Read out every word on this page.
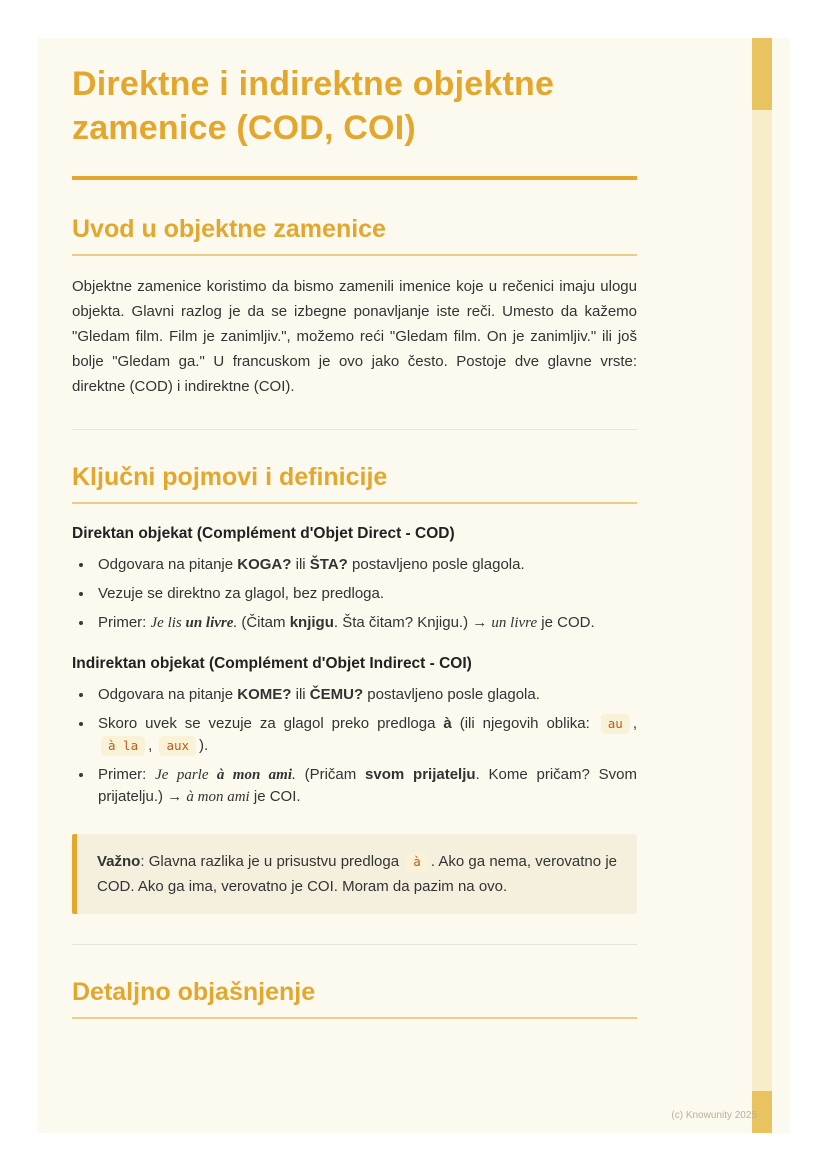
Direktne i indirektne objektne zamenice (COD, COI)
Uvod u objektne zamenice

Objektne zamenice koristimo da bismo zamenili imenice koje u rečenici imaju ulogu objekta. Glavni razlog je da se izbegne ponavljanje iste reči. Umesto da kažemo "Gledam film. Film je zanimljiv.", možemo reći "Gledam film. On je zanimljiv." ili još bolje "Gledam ga." U francuskom je ovo jako često. Postoje dve glavne vrste: direktne (COD) i indirektne (COI).

Ključni pojmovi i definicije
Direktan objekat (Complément d'Objet Direct - COD)
• Odgovara na pitanje KOGA? ili ŠTA? postavljeno posle glagola.
• Vezuje se direktno za glagol, bez predloga.
• Primer: Je lis un livre. (Čitam knjigu. Šta čitam? Knjigu.) → un livre je COD.
Indirektan objekat (Complément d'Objet Indirect - COI)
• Odgovara na pitanje KOME? ili ČEMU? postavljeno posle glagola.
• Skoro uvek se vezuje za glagol preko predloga à (ili njegovih oblika: au , à la , aux ).
• Primer: Je parle à mon ami. (Pričam svom prijatelju. Kome pričam? Svom prijatelju.) → à mon ami je COI.

Važno: Glavna razlika je u prisustvu predloga à . Ako ga nema, verovatno je COD. Ako ga ima, verovatno je COI. Moram da pazim na ovo.

Detaljno objašnjenje
(c) Knowunity 2025
